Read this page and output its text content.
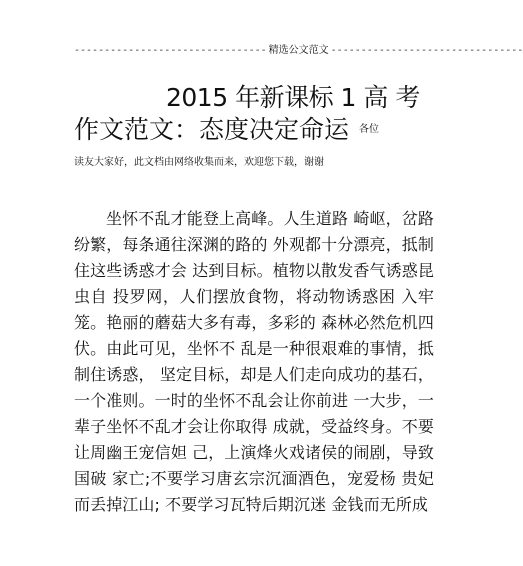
-------------------------------- 精选公文范文 --------------------------------
2015 年新课标 1 高 考
作文范文：态度决定命运 $^{各位}$
读友大家好，此文档由网络收集而来，欢迎您下载，谢谢

坐怀不乱才能登上高峰。人生道路 崎岖，岔路纷繁，每条通往深渊的路的 外观都十分漂亮，抵制住这些诱惑才会 达到目标。植物以散发香气诱惑昆虫自 投罗网，人们摆放食物，将动物诱惑困 入牢笼。艳丽的蘑菇大多有毒，多彩的 森林必然危机四伏。由此可见，坐怀不 乱是一种很艰难的事情，抵制住诱惑， 坚定目标，却是人们走向成功的基石， 一个准则。一时的坐怀不乱会让你前进 一大步，一辈子坐怀不乱才会让你取得 成就，受益终身。不要让周幽王宠信妲 己，上演烽火戏诸侯的闹剧，导致国破 家亡;不要学习唐玄宗沉湎酒色，宠爱杨 贵妃而丢掉江山; 不要学习瓦特后期沉迷 金钱而无所成
